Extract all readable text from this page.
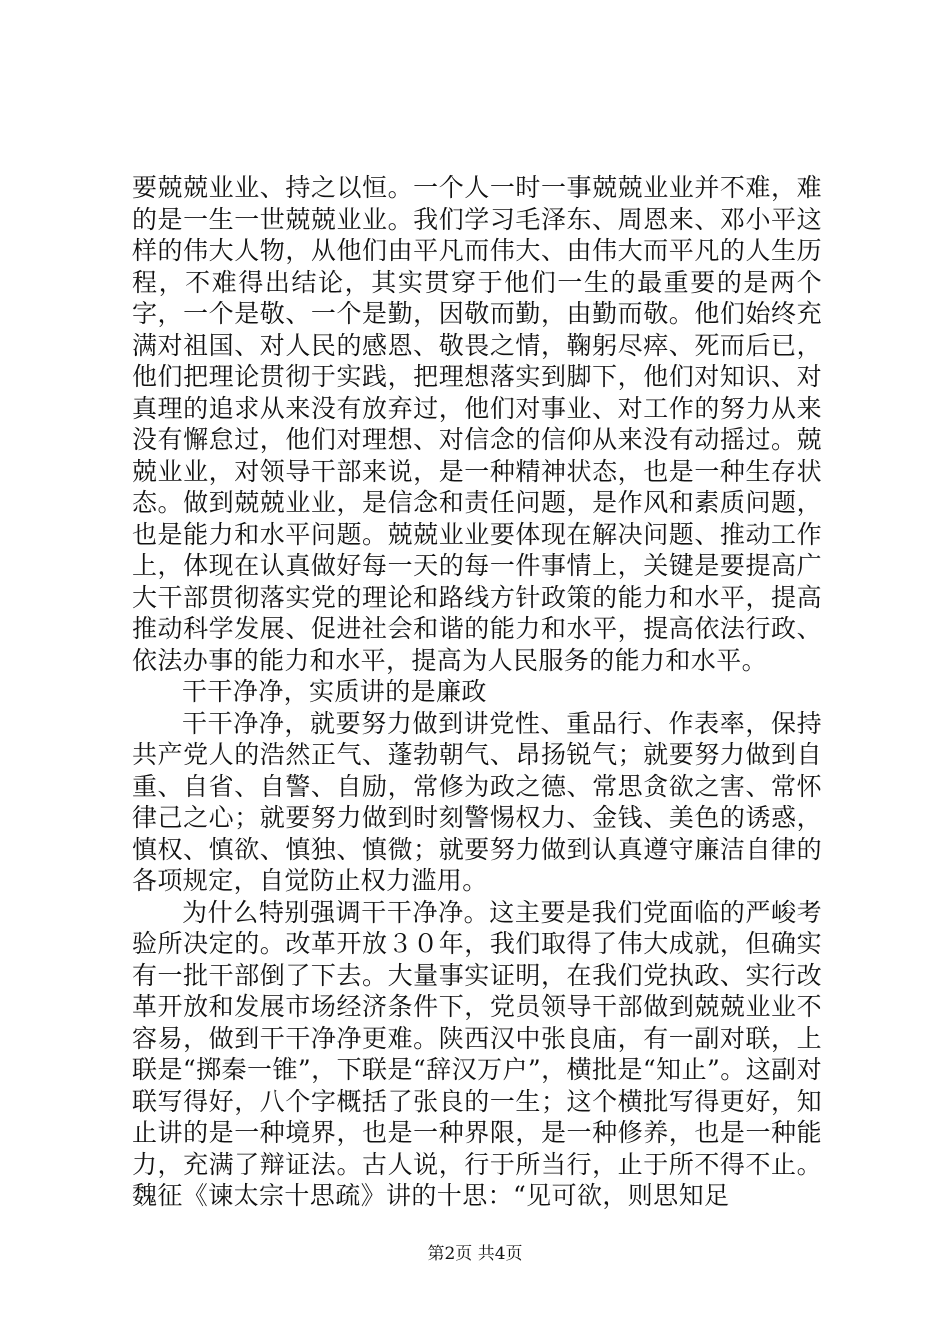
要兢兢业业、持之以恒。一个人一时一事兢兢业业并不难，难的是一生一世兢兢业业。我们学习毛泽东、周恩来、邓小平这样的伟大人物，从他们由平凡而伟大、由伟大而平凡的人生历程，不难得出结论，其实贯穿于他们一生的最重要的是两个字，一个是敬、一个是勤，因敬而勤，由勤而敬。他们始终充满对祖国、对人民的感恩、敬畏之情，鞠躬尽瘁、死而后已，他们把理论贯彻于实践，把理想落实到脚下，他们对知识、对真理的追求从来没有放弃过，他们对事业、对工作的努力从来没有懈怠过，他们对理想、对信念的信仰从来没有动摇过。兢兢业业，对领导干部来说，是一种精神状态，也是一种生存状态。做到兢兢业业，是信念和责任问题，是作风和素质问题，也是能力和水平问题。兢兢业业要体现在解决问题、推动工作上，体现在认真做好每一天的每一件事情上，关键是要提高广大干部贯彻落实党的理论和路线方针政策的能力和水平，提高推动科学发展、促进社会和谐的能力和水平，提高依法行政、依法办事的能力和水平，提高为人民服务的能力和水平。

干干净净，实质讲的是廉政

干干净净，就要努力做到讲党性、重品行、作表率，保持共产党人的浩然正气、蓬勃朝气、昂扬锐气；就要努力做到自重、自省、自警、自励，常修为政之德、常思贪欲之害、常怀律己之心；就要努力做到时刻警惕权力、金钱、美色的诱惑，慎权、慎欲、慎独、慎微；就要努力做到认真遵守廉洁自律的各项规定，自觉防止权力滥用。

为什么特别强调干干净净。这主要是我们党面临的严峻考验所决定的。改革开放３０年，我们取得了伟大成就，但确实有一批干部倒了下去。大量事实证明，在我们党执政、实行改革开放和发展市场经济条件下，党员领导干部做到兢兢业业不容易，做到干干净净更难。陕西汉中张良庙，有一副对联，上联是“掷秦一锥”，下联是“辞汉万户”，横批是“知止”。这副对联写得好，八个字概括了张良的一生；这个横批写得更好，知止讲的是一种境界，也是一种界限，是一种修养，也是一种能力，充满了辩证法。古人说，行于所当行，止于所不得不止。魏征《谏太宗十思疏》讲的十思：“见可欲，则思知足

第2页 共4页
